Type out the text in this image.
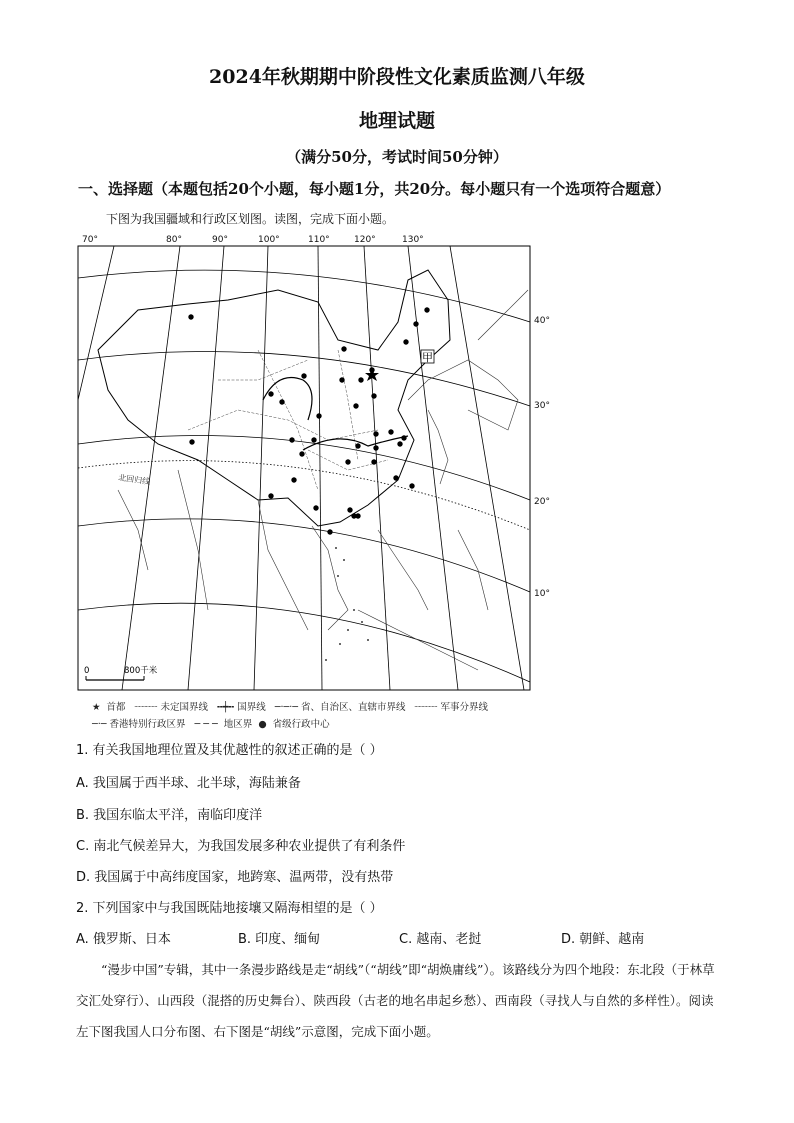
2024年秋期期中阶段性文化素质监测八年级
地理试题
（满分50分，考试时间50分钟）
一、选择题（本题包括20个小题，每小题1分，共20分。每小题只有一个选项符合题意）
下图为我国疆域和行政区划图。读图，完成下面小题。
70°	80°	90°	100°	110°	120°	130°
40°
30°
20°
10°
北回归线
甲
0	800千米
★  首都   ┈┈┈┈ 未定国界线   ╍┿╍ 国界线   ─·─·─ 省、自治区、直辖市界线   ┈┈┈┈ 军事分界线
─·─ 香港特别行政区界   ─ ─ ─  地区界  ●  省级行政中心
1. 有关我国地理位置及其优越性的叙述正确的是（ ）
A. 我国属于西半球、北半球，海陆兼备
B. 我国东临太平洋，南临印度洋
C. 南北气候差异大，为我国发展多种农业提供了有利条件
D. 我国属于中高纬度国家，地跨寒、温两带，没有热带
2. 下列国家中与我国既陆地接壤又隔海相望的是（ ）
A. 俄罗斯、日本	B. 印度、缅甸	C. 越南、老挝	D. 朝鲜、越南
“漫步中国”专辑，其中一条漫步路线是走“胡线”（“胡线”即“胡焕庸线”）。该路线分为四个地段：东北段（于林草交汇处穿行）、山西段（混搭的历史舞台）、陕西段（古老的地名串起乡愁）、西南段（寻找人与自然的多样性）。阅读左下图我国人口分布图、右下图是“胡线”示意图，完成下面小题。
